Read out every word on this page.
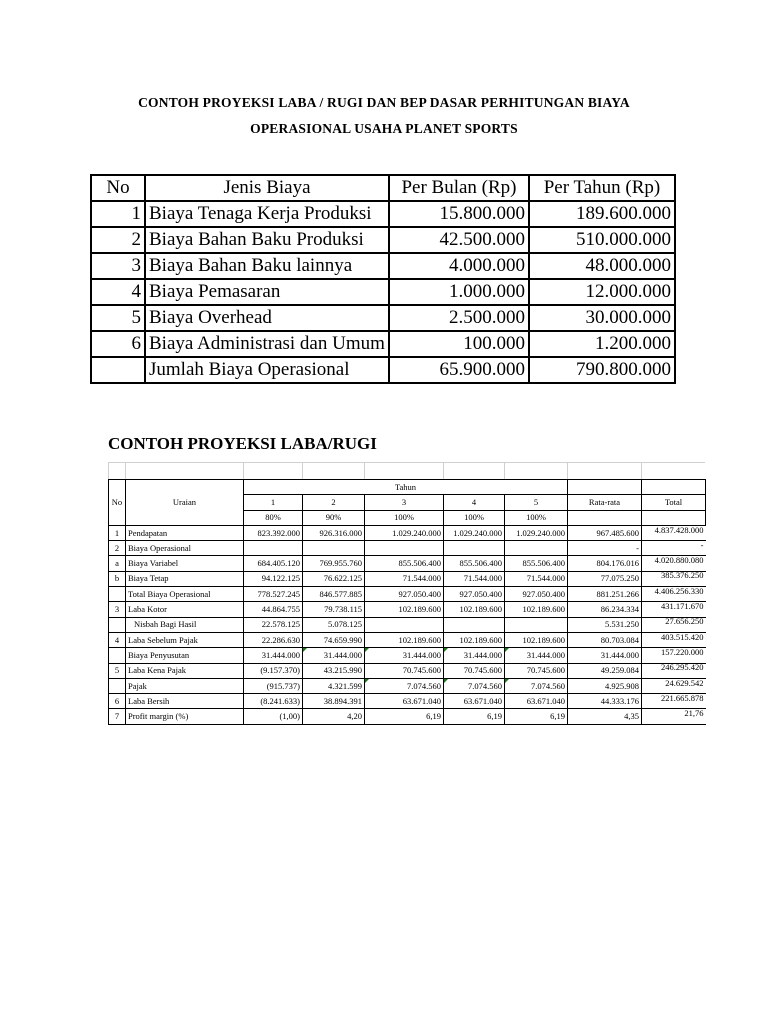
CONTOH PROYEKSI LABA / RUGI DAN BEP DASAR PERHITUNGAN BIAYA
OPERASIONAL USAHA PLANET SPORTS
No	Jenis Biaya	Per Bulan (Rp)	Per Tahun (Rp)
1	Biaya Tenaga Kerja Produksi	15.800.000	189.600.000
2	Biaya Bahan Baku Produksi	42.500.000	510.000.000
3	Biaya Bahan Baku lainnya	4.000.000	48.000.000
4	Biaya Pemasaran	1.000.000	12.000.000
5	Biaya Overhead	2.500.000	30.000.000
6	Biaya Administrasi dan Umum	100.000	1.200.000
	Jumlah Biaya Operasional	65.900.000	790.800.000
CONTOH PROYEKSI LABA/RUGI
No	Uraian	Tahun						
		1	2	3	4	5	Rata-rata	Total
		80%	90%	100%	100%	100%		
1	Pendapatan	823.392.000	926.316.000	1.029.240.000	1.029.240.000	1.029.240.000	967.485.600	4.837.428.000
2	Biaya Operasional						-	-
a	Biaya Variabel	684.405.120	769.955.760	855.506.400	855.506.400	855.506.400	804.176.016	4.020.880.080
b	Biaya Tetap	94.122.125	76.622.125	71.544.000	71.544.000	71.544.000	77.075.250	385.376.250
	Total Biaya Operasional	778.527.245	846.577.885	927.050.400	927.050.400	927.050.400	881.251.266	4.406.256.330
3	Laba Kotor	44.864.755	79.738.115	102.189.600	102.189.600	102.189.600	86.234.334	431.171.670
	Nisbah Bagi Hasil	22.578.125	5.078.125				5.531.250	27.656.250
4	Laba Sebelum Pajak	22.286.630	74.659.990	102.189.600	102.189.600	102.189.600	80.703.084	403.515.420
	Biaya Penyusutan	31.444.000	31.444.000	31.444.000	31.444.000	31.444.000	31.444.000	157.220.000
5	Laba Kena Pajak	(9.157.370)	43.215.990	70.745.600	70.745.600	70.745.600	49.259.084	246.295.420
	Pajak	(915.737)	4.321.599	7.074.560	7.074.560	7.074.560	4.925.908	24.629.542
6	Laba Bersih	(8.241.633)	38.894.391	63.671.040	63.671.040	63.671.040	44.333.176	221.665.878
7	Profit margin (%)	(1,00)	4,20	6,19	6,19	6,19	4,35	21,76
